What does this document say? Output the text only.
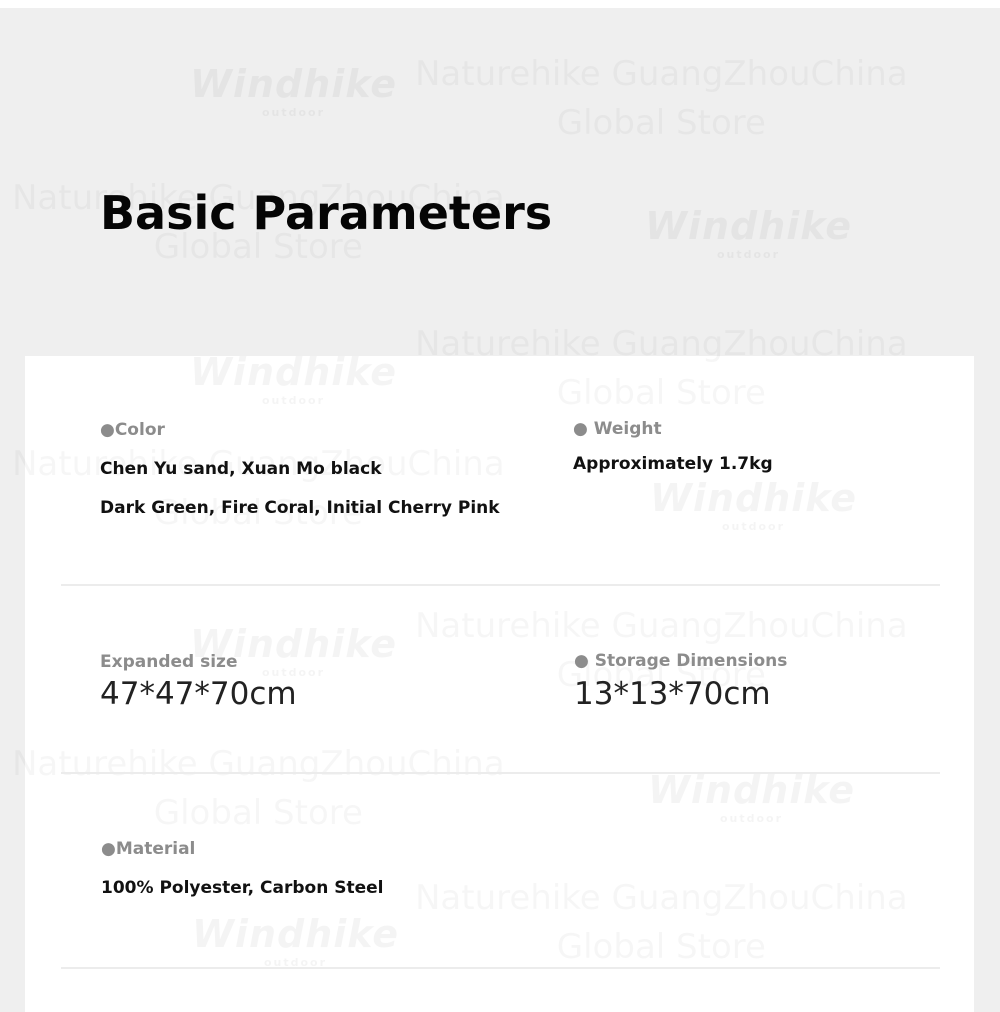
Basic Parameters
●Color
Chen Yu sand, Xuan Mo black
Dark Green, Fire Coral, Initial Cherry Pink
● Weight
Approximately 1.7kg
Expanded size
47*47*70cm
● Storage Dimensions
13*13*70cm
●Material
100% Polyester, Carbon Steel
